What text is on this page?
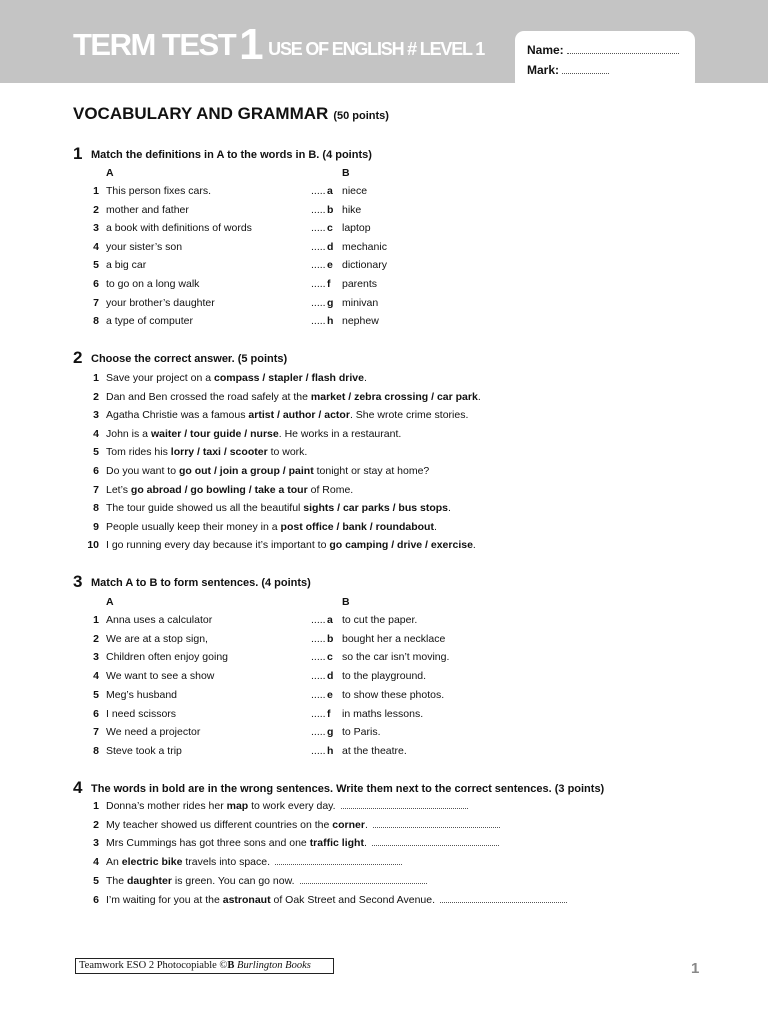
TERM TEST1 USE OF ENGLISH # LEVEL 1	Name:
Mark:
VOCABULARY AND GRAMMAR (50 points)
1 Match the definitions in A to the words in B. (4 points)
A	B
1 This person fixes cars.	..... a niece
2 mother and father	..... b hike
3 a book with definitions of words	..... c laptop
4 your sister’s son	..... d mechanic
5 a big car	..... e dictionary
6 to go on a long walk	..... f parents
7 your brother’s daughter	..... g minivan
8 a type of computer	..... h nephew
2 Choose the correct answer. (5 points)
1 Save your project on a compass / stapler / flash drive.
2 Dan and Ben crossed the road safely at the market / zebra crossing / car park.
3 Agatha Christie was a famous artist / author / actor. She wrote crime stories.
4 John is a waiter / tour guide / nurse. He works in a restaurant.
5 Tom rides his lorry / taxi / scooter to work.
6 Do you want to go out / join a group / paint tonight or stay at home?
7 Let’s go abroad / go bowling / take a tour of Rome.
8 The tour guide showed us all the beautiful sights / car parks / bus stops.
9 People usually keep their money in a post office / bank / roundabout.
10 I go running every day because it’s important to go camping / drive / exercise.
3 Match A to B to form sentences. (4 points)
A	B
1 Anna uses a calculator	..... a to cut the paper.
2 We are at a stop sign,	..... b bought her a necklace
3 Children often enjoy going	..... c so the car isn’t moving.
4 We want to see a show	..... d to the playground.
5 Meg’s husband	..... e to show these photos.
6 I need scissors	..... f in maths lessons.
7 We need a projector	..... g to Paris.
8 Steve took a trip	..... h at the theatre.
4 The words in bold are in the wrong sentences. Write them next to the correct sentences. (3 points)
1 Donna’s mother rides her map to work every day.
2 My teacher showed us different countries on the corner.
3 Mrs Cummings has got three sons and one traffic light.
4 An electric bike travels into space.
5 The daughter is green. You can go now.
6 I’m waiting for you at the astronaut of Oak Street and Second Avenue.
Teamwork ESO 2 Photocopiable ©B Burlington Books	1
